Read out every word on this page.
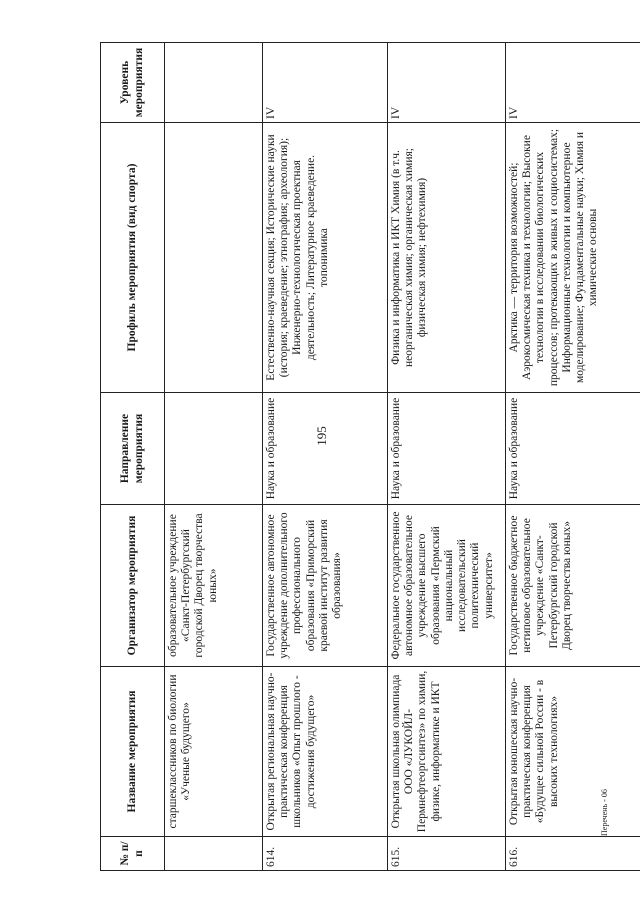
195
№ п/п	Название мероприятия	Организатор мероприятия	Направление мероприятия	Профиль мероприятия (вид спорта)	Уровень мероприятия
	старшеклассников по биологии «Ученые будущего»	образовательное учреждение «Санкт-Петербургский городской Дворец творчества юных»			
614.	Открытая региональная научно-практическая конференция школьников «Опыт прошлого - достижения будущего»	Государственное автономное учреждение дополнительного профессионального образования «Приморский краевой институт развития образования»	Наука и образование	Естественно-научная секция; Исторические науки (история; краеведение; этнография; археология); Инженерно-технологическая проектная деятельность; Литературное краеведение. топонимика	IV
615.	Открытая школьная олимпиада ООО «ЛУКОЙЛ-Пермнефтеоргсинтез» по химии, физике, информатике и ИКТ	Федеральное государственное автономное образовательное учреждение высшего образования «Пермский национальный исследовательский политехнический университет»	Наука и образование	Физика и информатика и ИКТ Химия (в т.ч. неорганическая химия; органическая химия; физическая химия; нефтехимия)	IV
616.	Открытая юношеская научно-практическая конференция «Будущее сильной России - в высоких технологиях»	Государственное бюджетное нетиповое образовательное учреждение «Санкт-Петербургский городской Дворец творчества юных»	Наука и образование	Арктика — территория возможностей; Аэрокосмическая техника и технологии; Высокие технологии в исследовании биологических процессов; протекающих в живых и социосистемах; Информационные технологии и компьютерное моделирование; Фундаментальные науки; Химия и химические основы	IV
Перечень - 06
